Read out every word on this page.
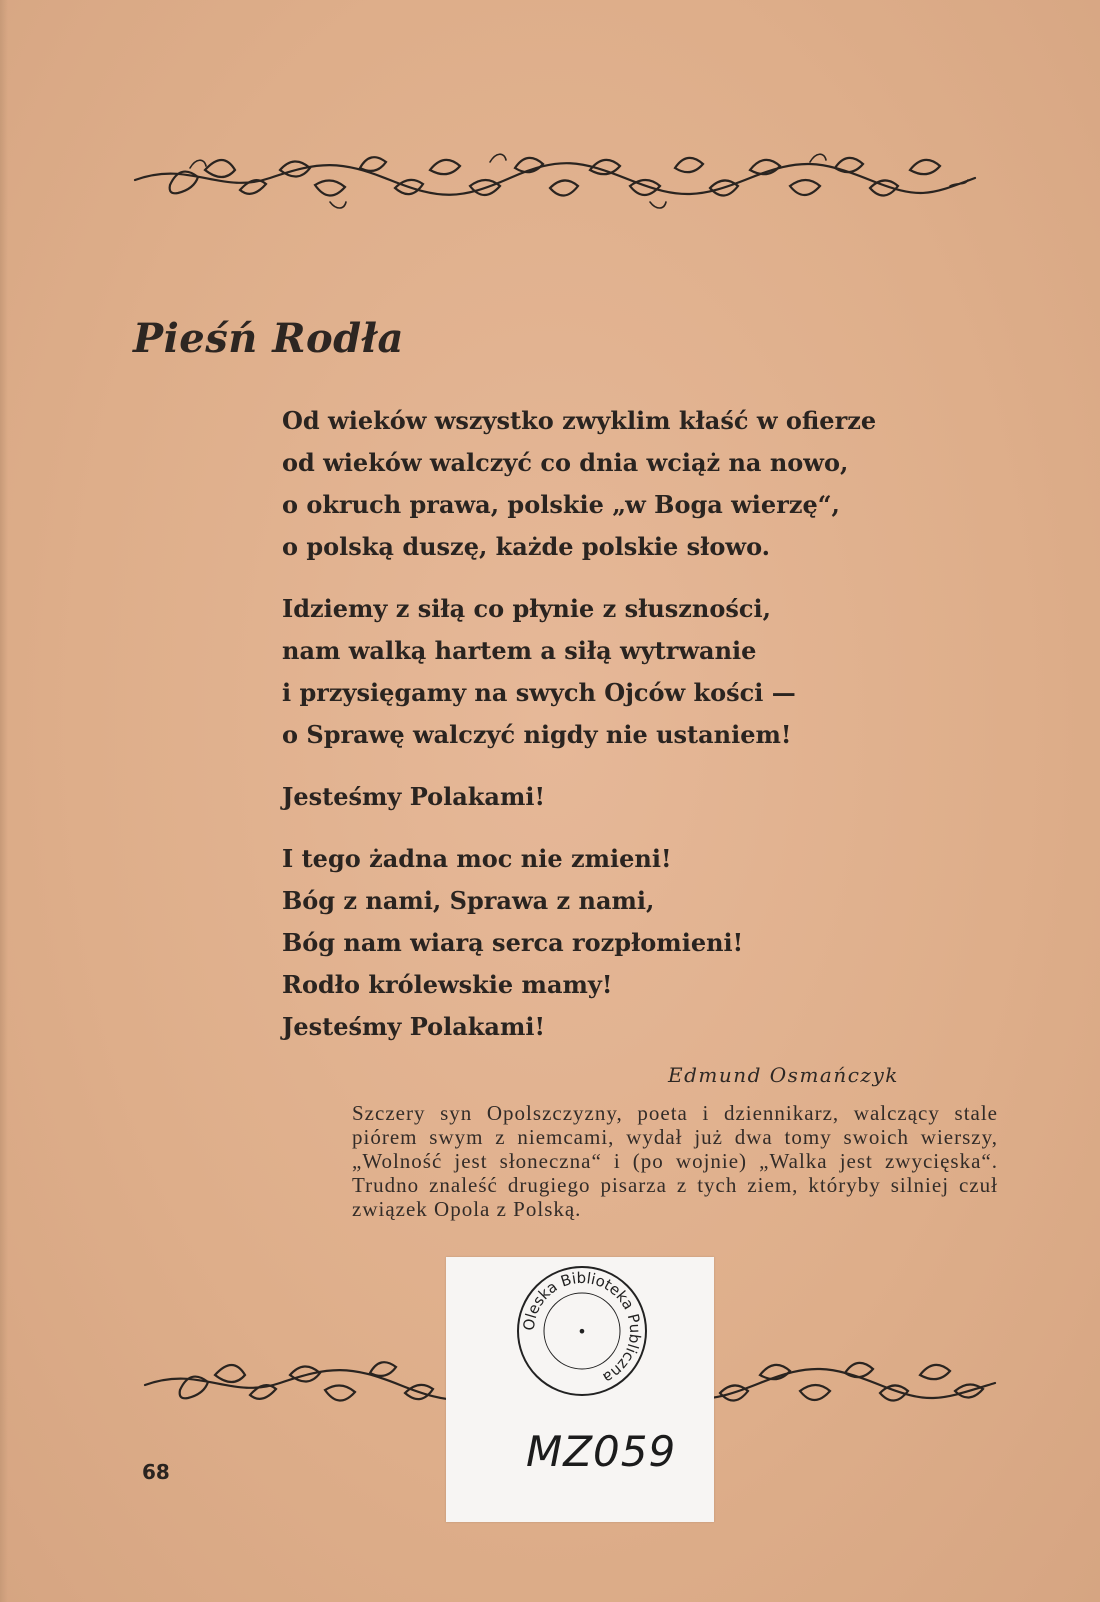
Pieśń Rodła
Od wieków wszystko zwyklim kłaść w ofierze
od wieków walczyć co dnia wciąż na nowo,
o okruch prawa, polskie „w Boga wierzę“,
o polską duszę, każde polskie słowo.
Idziemy z siłą co płynie z słuszności,
nam walką hartem a siłą wytrwanie
i przysięgamy na swych Ojców kości —
o Sprawę walczyć nigdy nie ustaniem!
Jesteśmy Polakami!
I tego żadna moc nie zmieni!
Bóg z nami, Sprawa z nami,
Bóg nam wiarą serca rozpłomieni!
Rodło królewskie mamy!
Jesteśmy Polakami!
Edmund Osmańczyk

Szczery syn Opolszczyzny, poeta i dziennikarz, walczący stale piórem swym z niemcami, wydał już dwa tomy swoich wierszy, „Wolność jest słoneczna“ i (po wojnie) „Walka jest zwycięska“. Trudno znaleść drugiego pisarza z tych ziem, któryby silniej czuł związek Opola z Polską.

Oleska Biblioteka Publiczna
•
MZ059
68
